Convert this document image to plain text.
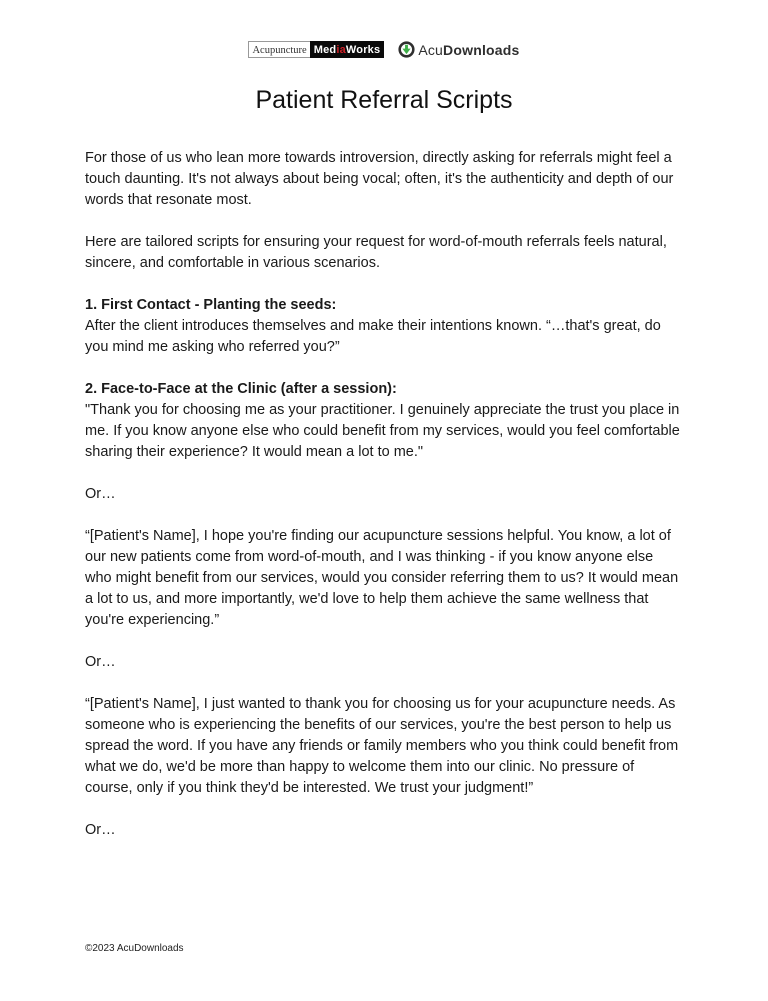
Acupuncture Med ia Works	AcuDownloads
Patient Referral Scripts
For those of us who lean more towards introversion, directly asking for referrals might feel a touch daunting. It's not always about being vocal; often, it's the authenticity and depth of our words that resonate most.
Here are tailored scripts for ensuring your request for word-of-mouth referrals feels natural, sincere, and comfortable in various scenarios.
1. First Contact - Planting the seeds:
After the client introduces themselves and make their intentions known. “…that's great, do you mind me asking who referred you?”
2. Face-to-Face at the Clinic (after a session):
"Thank you for choosing me as your practitioner. I genuinely appreciate the trust you place in me. If you know anyone else who could benefit from my services, would you feel comfortable sharing their experience? It would mean a lot to me."
Or…
“[Patient's Name], I hope you're finding our acupuncture sessions helpful. You know, a lot of our new patients come from word-of-mouth, and I was thinking - if you know anyone else who might benefit from our services, would you consider referring them to us? It would mean a lot to us, and more importantly, we'd love to help them achieve the same wellness that you're experiencing.”
Or…
“[Patient's Name], I just wanted to thank you for choosing us for your acupuncture needs. As someone who is experiencing the benefits of our services, you're the best person to help us spread the word. If you have any friends or family members who you think could benefit from what we do, we'd be more than happy to welcome them into our clinic. No pressure of course, only if you think they'd be interested. We trust your judgment!”
Or…
©2023 AcuDownloads
